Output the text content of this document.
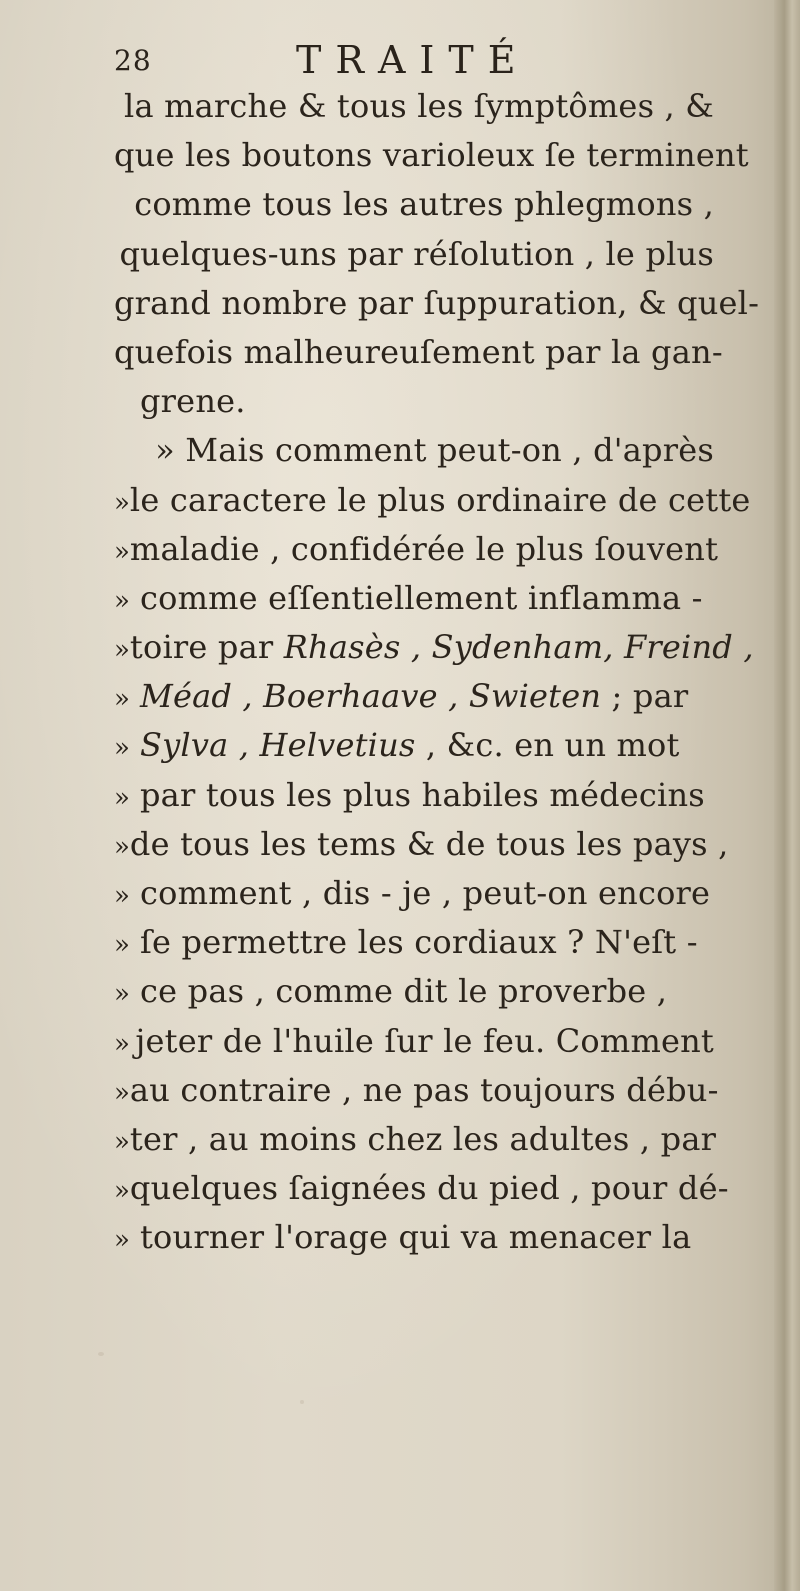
28	TRAITÉ
la marche & tous les ſymptômes , &
que les boutons varioleux ſe terminent
comme tous les autres phlegmons ,
quelques-uns par réſolution , le plus
grand nombre par ſuppuration, & quel-
quefois malheureuſement par la gan-
grene.
» Mais comment peut-on , d'après
» le caractere le plus ordinaire de cette
» maladie , confidérée le plus ſouvent
» comme eſſentiellement inflamma -
» toire par Rhasès , Sydenham, Freind ,
» Méad , Boerhaave , Swieten ; par
» Sylva , Helvetius , &c. en un mot
» par tous les plus habiles médecins
» de tous les tems & de tous les pays ,
» comment , dis - je , peut-on encore
» ſe permettre les cordiaux ? N'eſt -
» ce pas , comme dit le proverbe ,
» jeter de l'huile ſur le feu. Comment
» au contraire , ne pas toujours débu-
» ter , au moins chez les adultes , par
» quelques ſaignées du pied , pour dé-
» tourner l'orage qui va menacer la
